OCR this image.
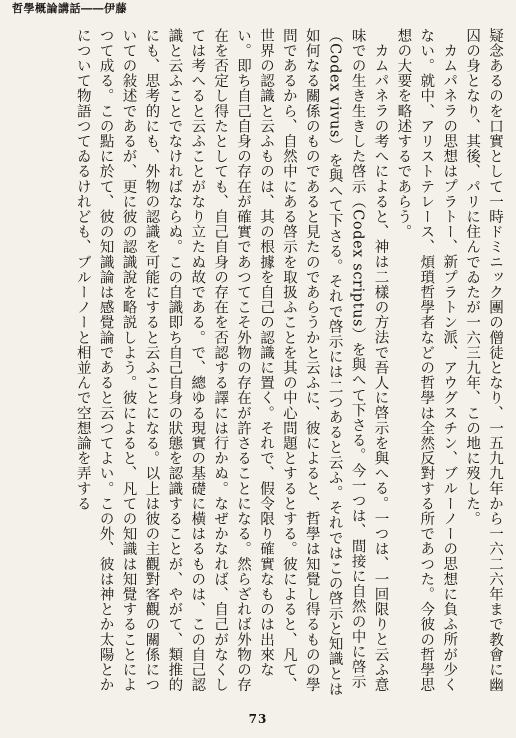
哲學概論講話――伊藤

疑念あるのを口實として一時ドミニック團の僧徒となり、一五九九年から一六二六年まで教會に幽囚の身となり、其後、パリに住んでゐたが一六三九年、この地に歿した。

カムパネラの思想はプラトー、新プラトン派、アウグスチン、ブルーノーの思想に負ふ所が少くない。就中、アリストテレース、煩瑣哲學者などの哲學は全然反對する所であつた。今彼の哲學思想の大要を略述するであらう。

カムパネラの考へによると、神は二樣の方法で吾人に啓示を與へる。一つは、一回限りと云ふ意味での生き生きした啓示（Codex scriptus）を與へて下さる。今一つは、間接に自然の中に啓示（Codex vivus）を與へて下さる。それで啓示には二つあると云ふ。それではこの啓示と知識とは如何なる關係のものであると見たのであらうかと云ふに、彼によると、哲學は知覺し得るものの學問であるから、自然中にある啓示を取扱ふことを其の中心問題とするとする。彼によると、凡て、世界の認識と云ふものは、其の根據を自己の認識に置く。それで、假令限り確實なものは出來ない。即ち自己自身の存在が確實であつてこそ外物の存在が許さることになる。然らざれば外物の存在を否定し得たとしても、自己自身の存在を否認する譯には行かぬ。なぜかなれば、自己がなくしては考へると云ふことがなり立たぬ故である。で、總ゆる現實の基礎に橫はるものは、この自己認識と云ふことでなければならぬ。この自識即ち自己自身の狀態を認識することが、やがて、類推的にも、思考的にも、外物の認識を可能にすると云ふことになる。以上は彼の主觀對客觀の關係についての敍述であるが、更に彼の認識說を略説しよう。彼によると、凡ての知識は知覺することによつて成る。この點に於て、彼の知識論は感覺論であると云つてよい。この外、彼は神とか太陽とかについて物語つてゐるけれども、ブルーノーと相並んで空想論を弄する

73
